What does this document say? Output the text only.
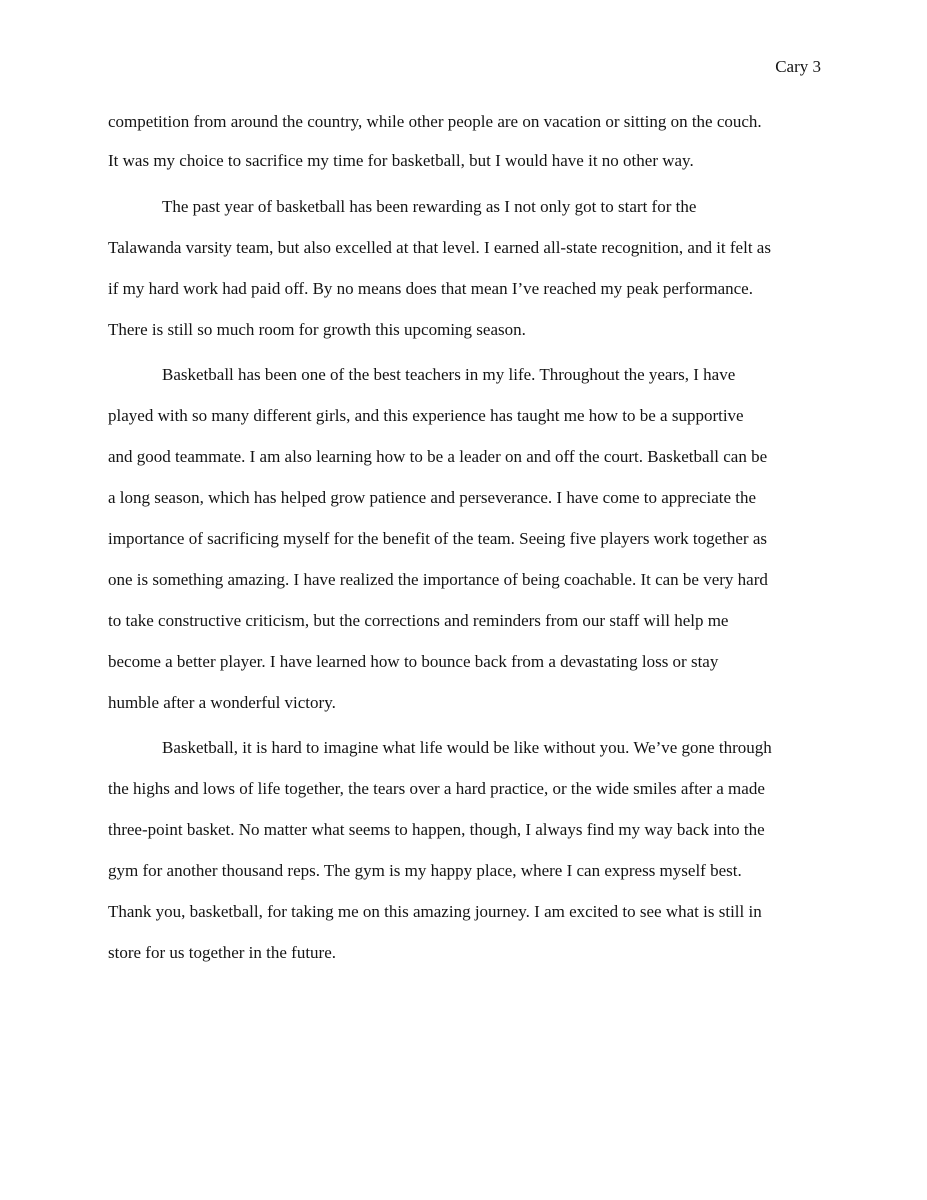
Cary 3
competition from around the country, while other people are on vacation or sitting on the couch.
It was my choice to sacrifice my time for basketball, but I would have it no other way.
The past year of basketball has been rewarding as I not only got to start for the
Talawanda varsity team, but also excelled at that level. I earned all-state recognition, and it felt as
if my hard work had paid off. By no means does that mean I’ve reached my peak performance.
There is still so much room for growth this upcoming season.
Basketball has been one of the best teachers in my life. Throughout the years, I have
played with so many different girls, and this experience has taught me how to be a supportive
and good teammate. I am also learning how to be a leader on and off the court. Basketball can be
a long season, which has helped grow patience and perseverance. I have come to appreciate the
importance of sacrificing myself for the benefit of the team. Seeing five players work together as
one is something amazing. I have realized the importance of being coachable. It can be very hard
to take constructive criticism, but the corrections and reminders from our staff will help me
become a better player. I have learned how to bounce back from a devastating loss or stay
humble after a wonderful victory.
Basketball, it is hard to imagine what life would be like without you. We’ve gone through
the highs and lows of life together, the tears over a hard practice, or the wide smiles after a made
three-point basket. No matter what seems to happen, though, I always find my way back into the
gym for another thousand reps. The gym is my happy place, where I can express myself best.
Thank you, basketball, for taking me on this amazing journey. I am excited to see what is still in
store for us together in the future.
